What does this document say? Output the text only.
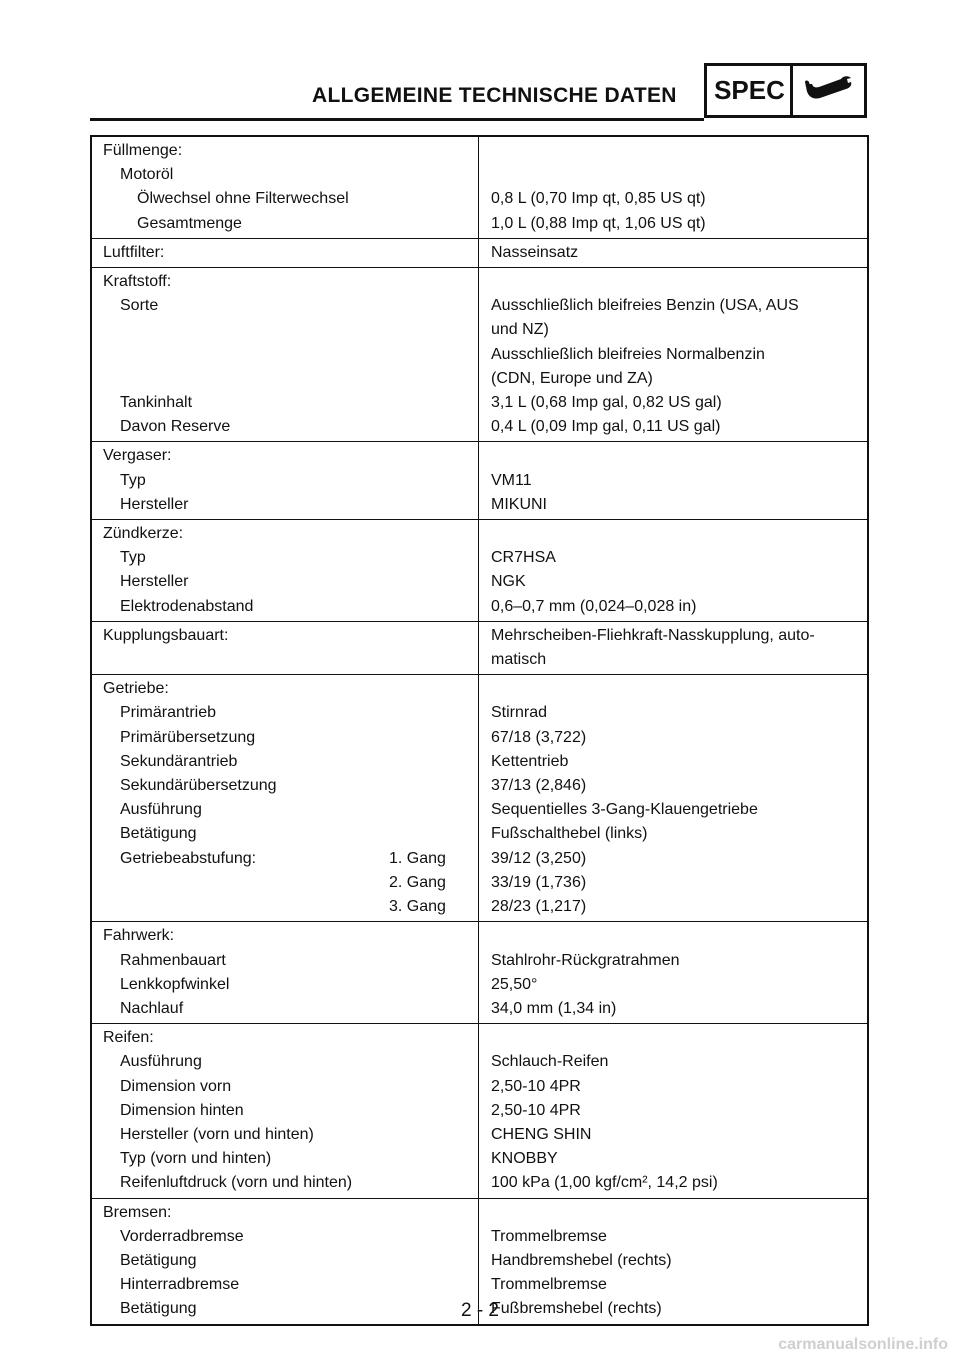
ALLGEMEINE TECHNISCHE DATEN	SPEC
Füllmenge:
Motoröl
Ölwechsel ohne Filterwechsel	0,8 L (0,70 Imp qt, 0,85 US qt)
Gesamtmenge	1,0 L (0,88 Imp qt, 1,06 US qt)
Luftfilter:	Nasseinsatz
Kraftstoff:
Sorte	Ausschließlich bleifreies Benzin (USA, AUS
und NZ)
Ausschließlich bleifreies Normalbenzin
(CDN, Europe und ZA)
Tankinhalt	3,1 L (0,68 Imp gal, 0,82 US gal)
Davon Reserve	0,4 L (0,09 Imp gal, 0,11 US gal)
Vergaser:
Typ	VM11
Hersteller	MIKUNI
Zündkerze:
Typ	CR7HSA
Hersteller	NGK
Elektrodenabstand	0,6–0,7 mm (0,024–0,028 in)
Kupplungsbauart:	Mehrscheiben-Fliehkraft-Nasskupplung, auto-
matisch
Getriebe:
Primärantrieb	Stirnrad
Primärübersetzung	67/18 (3,722)
Sekundärantrieb	Kettentrieb
Sekundärübersetzung	37/13 (2,846)
Ausführung	Sequentielles 3-Gang-Klauengetriebe
Betätigung	Fußschalthebel (links)
Getriebeabstufung:	1. Gang	39/12 (3,250)
2. Gang	33/19 (1,736)
3. Gang	28/23 (1,217)
Fahrwerk:
Rahmenbauart	Stahlrohr-Rückgratrahmen
Lenkkopfwinkel	25,50°
Nachlauf	34,0 mm (1,34 in)
Reifen:
Ausführung	Schlauch-Reifen
Dimension vorn	2,50-10 4PR
Dimension hinten	2,50-10 4PR
Hersteller (vorn und hinten)	CHENG SHIN
Typ (vorn und hinten)	KNOBBY
Reifenluftdruck (vorn und hinten)	100 kPa (1,00 kgf/cm², 14,2 psi)
Bremsen:
Vorderradbremse	Trommelbremse
Betätigung	Handbremshebel (rechts)
Hinterradbremse	Trommelbremse
Betätigung	Fußbremshebel (rechts)
2 - 2
carmanualsonline.info
